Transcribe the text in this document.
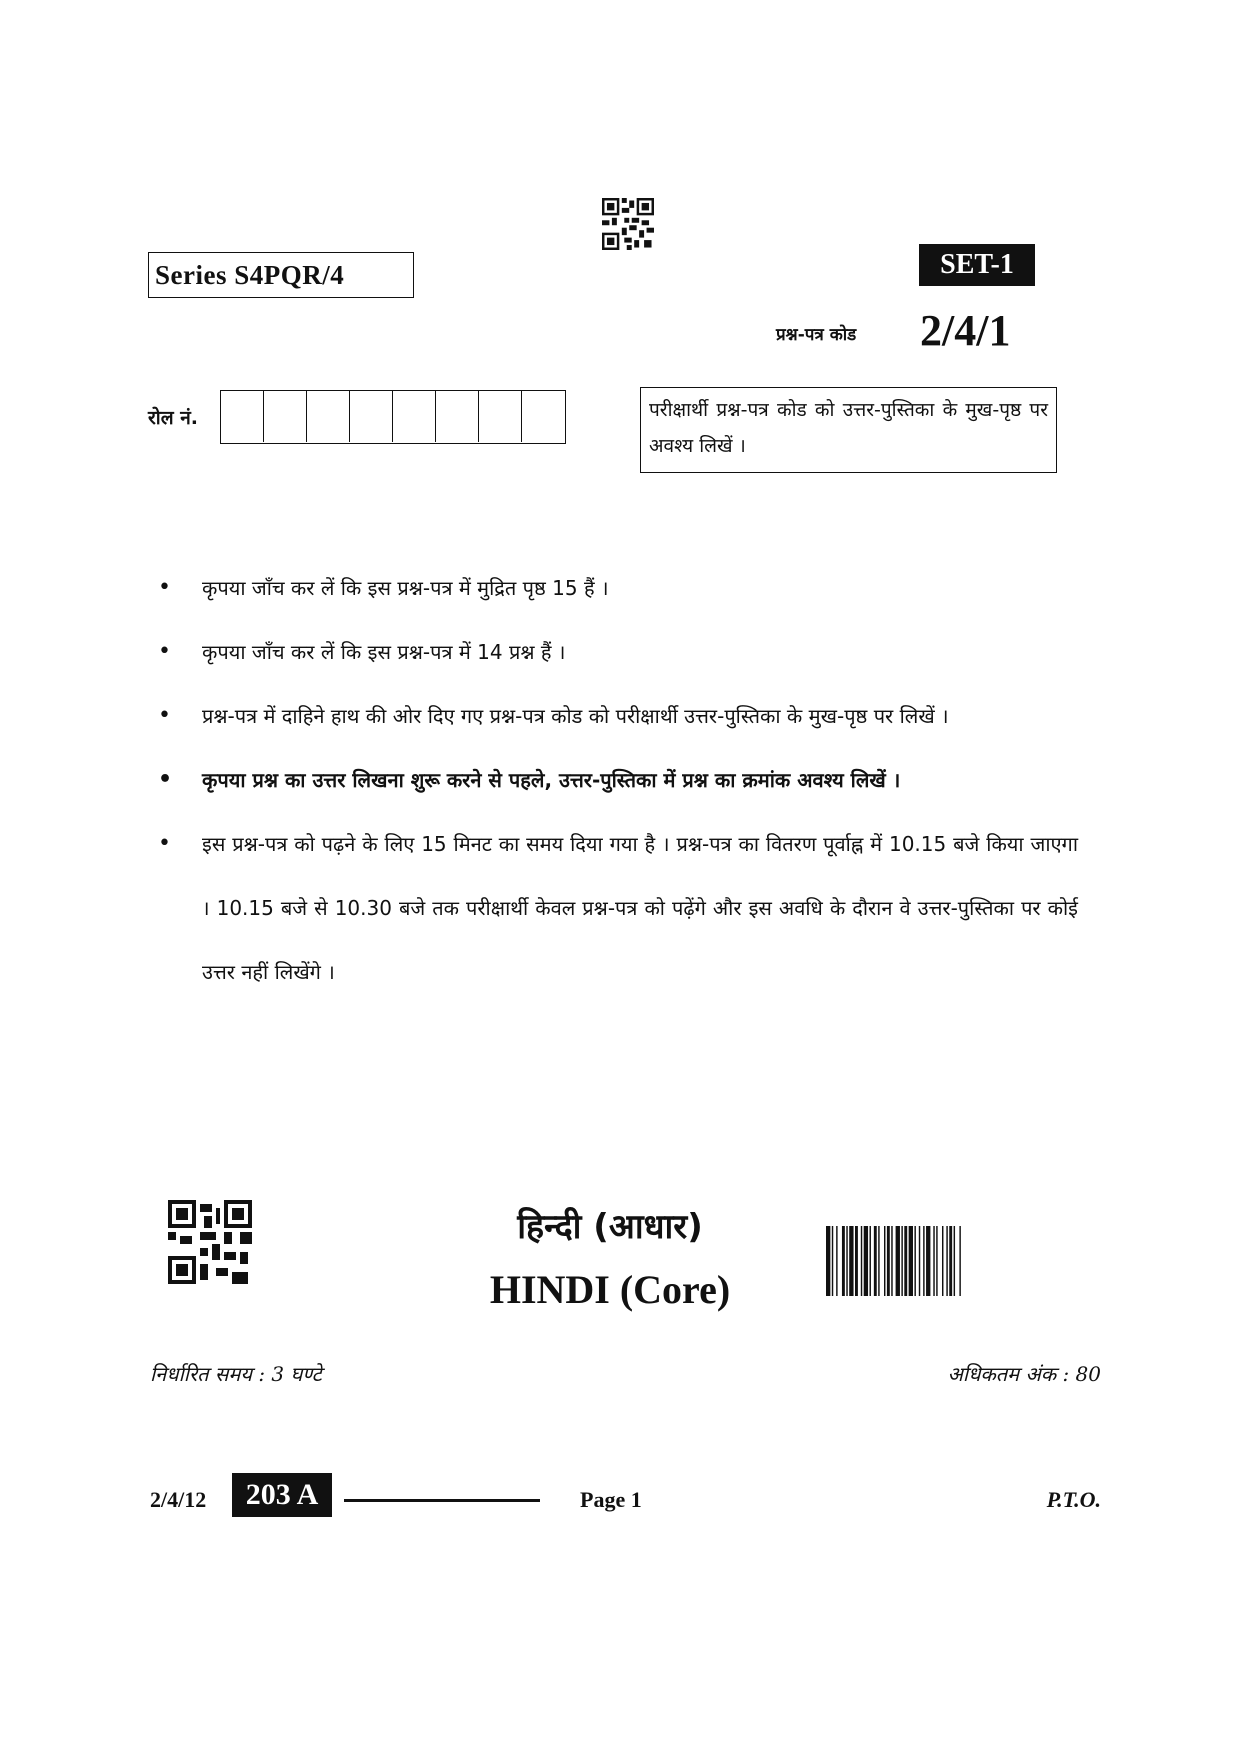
Series S4PQR/4	SET-1
प्रश्न-पत्र कोड 2/4/1
रोल नं.	परीक्षार्थी प्रश्न-पत्र कोड को उत्तर-पुस्तिका के मुख-पृष्ठ पर अवश्य लिखें ।
• कृपया जाँच कर लें कि इस प्रश्न-पत्र में मुद्रित पृष्ठ 15 हैं ।
• कृपया जाँच कर लें कि इस प्रश्न-पत्र में 14 प्रश्न हैं ।
• प्रश्न-पत्र में दाहिने हाथ की ओर दिए गए प्रश्न-पत्र कोड को परीक्षार्थी उत्तर-पुस्तिका के मुख-पृष्ठ पर लिखें ।
• कृपया प्रश्न का उत्तर लिखना शुरू करने से पहले, उत्तर-पुस्तिका में प्रश्न का क्रमांक अवश्य लिखें ।
• इस प्रश्न-पत्र को पढ़ने के लिए 15 मिनट का समय दिया गया है । प्रश्न-पत्र का वितरण पूर्वाह्न में 10.15 बजे किया जाएगा । 10.15 बजे से 10.30 बजे तक परीक्षार्थी केवल प्रश्न-पत्र को पढ़ेंगे और इस अवधि के दौरान वे उत्तर-पुस्तिका पर कोई उत्तर नहीं लिखेंगे ।
हिन्दी (आधार)
HINDI (Core)
निर्धारित समय : 3 घण्टे	अधिकतम अंक : 80
2/4/12	203 A	Page 1	P.T.O.
